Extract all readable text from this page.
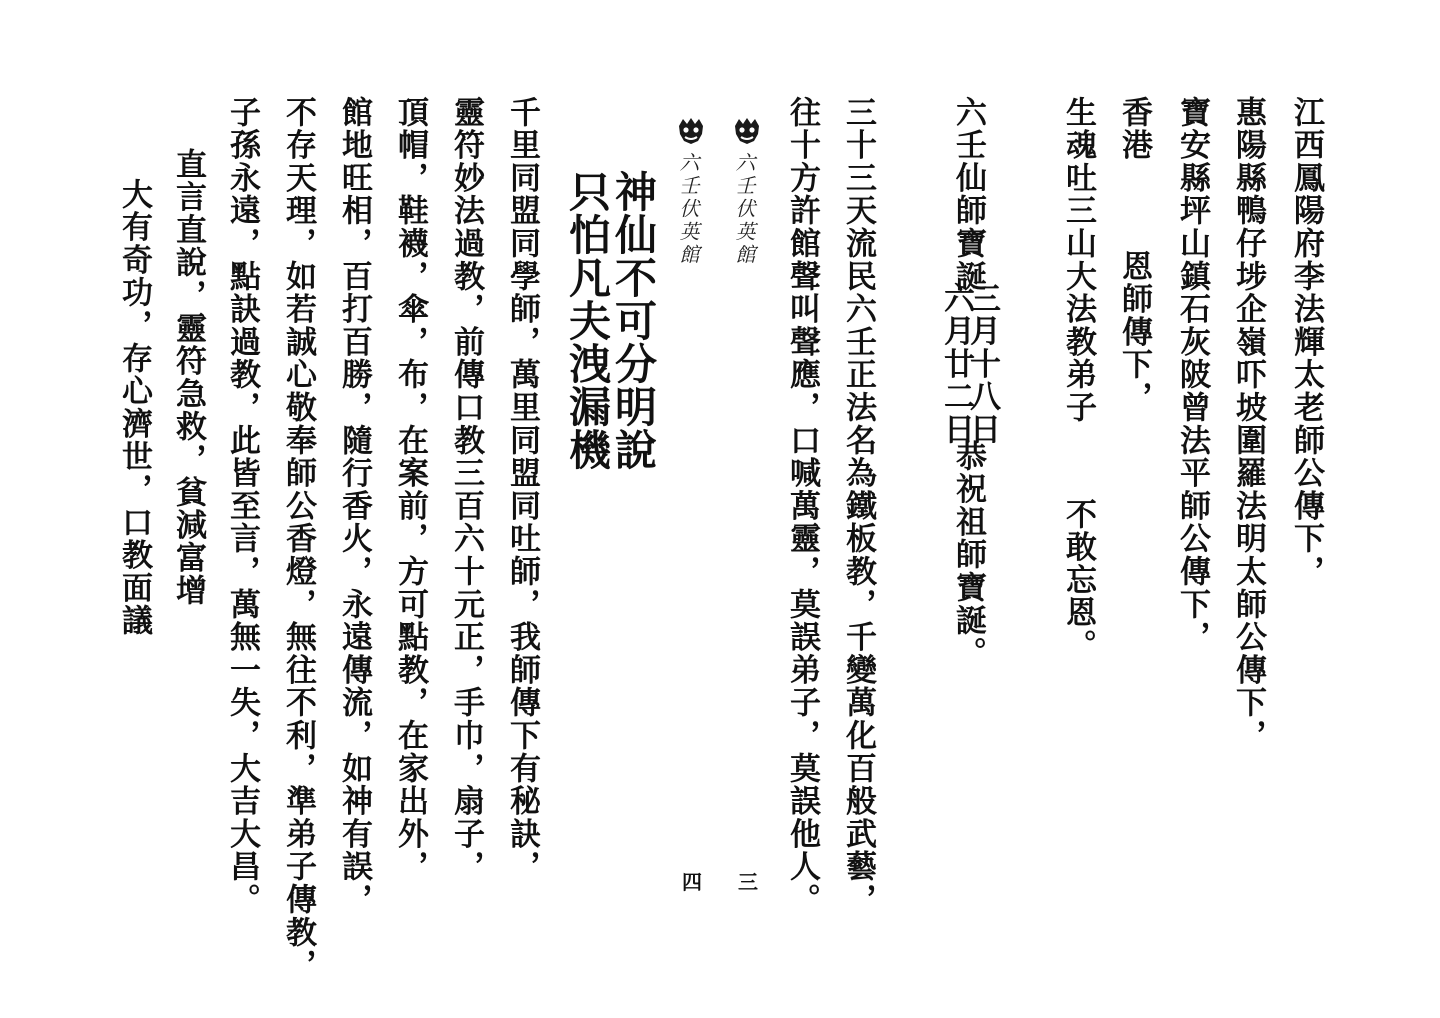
江西鳳陽府李法輝太老師公傳下，

惠陽縣鴨仔埗企嶺吓坡圍羅法明太師公傳下，

寶安縣坪山鎮石灰陂曾法平師公傳下，

香港

恩師傳下，

生魂吐三山大法教弟子

不敢忘恩。

六壬仙師寶誕

三月十八日

六月廿二日

恭祝祖師寶誕。

三十三天流民六壬正法名為鐵板教，千變萬化百般武藝，

往十方許館聲叫聲應，口喊萬靈，莫誤弟子，莫誤他人。

六壬伏英館
三
六壬伏英館
四

神仙不可分明說

只怕凡夫洩漏機

千里同盟同學師，萬里同盟同吐師，我師傳下有秘訣，

靈符妙法過教，前傳口教三百六十元正，手巾，扇子，

頂帽，鞋襪，傘，布，在案前，方可點教，在家出外，

館地旺相，百打百勝，隨行香火，永遠傳流，如神有誤，

不存天理，如若誠心敬奉師公香燈，無往不利，準弟子傳教，

子孫永遠，點訣過教，此皆至言，萬無一失，大吉大昌。

直言直說，靈符急救，貧減富增

大有奇功，存心濟世，口教面議
